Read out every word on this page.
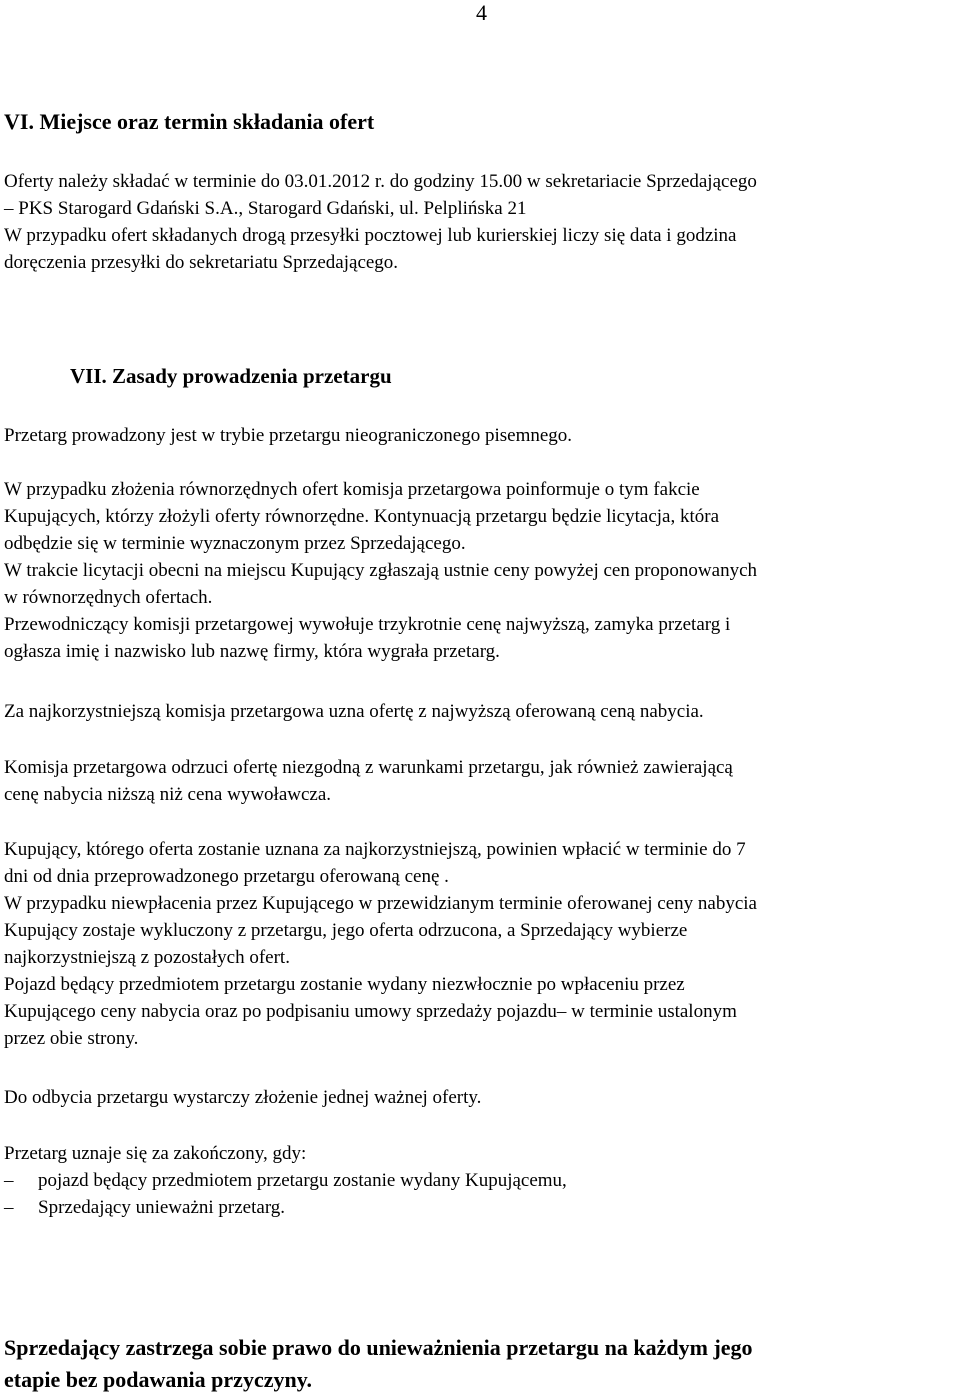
4
VI. Miejsce oraz termin składania ofert
Oferty należy składać w terminie do 03.01.2012 r. do godziny 15.00 w sekretariacie Sprzedającego
– PKS Starogard Gdański S.A., Starogard Gdański, ul. Pelplińska 21
W przypadku ofert składanych drogą przesyłki pocztowej lub kurierskiej liczy się data i godzina
doręczenia przesyłki do sekretariatu Sprzedającego.
VII. Zasady prowadzenia przetargu
Przetarg prowadzony jest w trybie przetargu nieograniczonego pisemnego.
W przypadku złożenia równorzędnych ofert komisja przetargowa poinformuje o tym fakcie
Kupujących, którzy złożyli oferty równorzędne. Kontynuacją przetargu będzie licytacja, która
odbędzie się w terminie wyznaczonym przez Sprzedającego.
W trakcie licytacji obecni na miejscu Kupujący zgłaszają ustnie ceny powyżej cen proponowanych
w równorzędnych ofertach.
Przewodniczący komisji przetargowej wywołuje trzykrotnie cenę najwyższą, zamyka przetarg i
ogłasza imię i nazwisko lub nazwę firmy, która wygrała przetarg.
Za najkorzystniejszą komisja przetargowa uzna ofertę z najwyższą oferowaną ceną nabycia.
Komisja przetargowa odrzuci ofertę niezgodną z warunkami przetargu, jak również zawierającą
cenę nabycia niższą niż cena wywoławcza.
Kupujący, którego oferta zostanie uznana za najkorzystniejszą, powinien wpłacić w terminie do 7
dni od dnia przeprowadzonego przetargu oferowaną cenę .
W przypadku niewpłacenia przez Kupującego w przewidzianym terminie oferowanej ceny nabycia
Kupujący zostaje wykluczony z przetargu, jego oferta odrzucona, a Sprzedający wybierze
najkorzystniejszą z pozostałych ofert.
Pojazd będący przedmiotem przetargu zostanie wydany niezwłocznie po wpłaceniu przez
Kupującego ceny nabycia oraz po podpisaniu umowy sprzedaży pojazdu– w terminie ustalonym
przez obie strony.
Do odbycia przetargu wystarczy złożenie jednej ważnej oferty.
Przetarg uznaje się za zakończony, gdy:
– pojazd będący przedmiotem przetargu zostanie wydany Kupującemu,
– Sprzedający unieważni przetarg.
Sprzedający zastrzega sobie prawo do unieważnienia przetargu na każdym jego
etapie bez podawania przyczyny.
